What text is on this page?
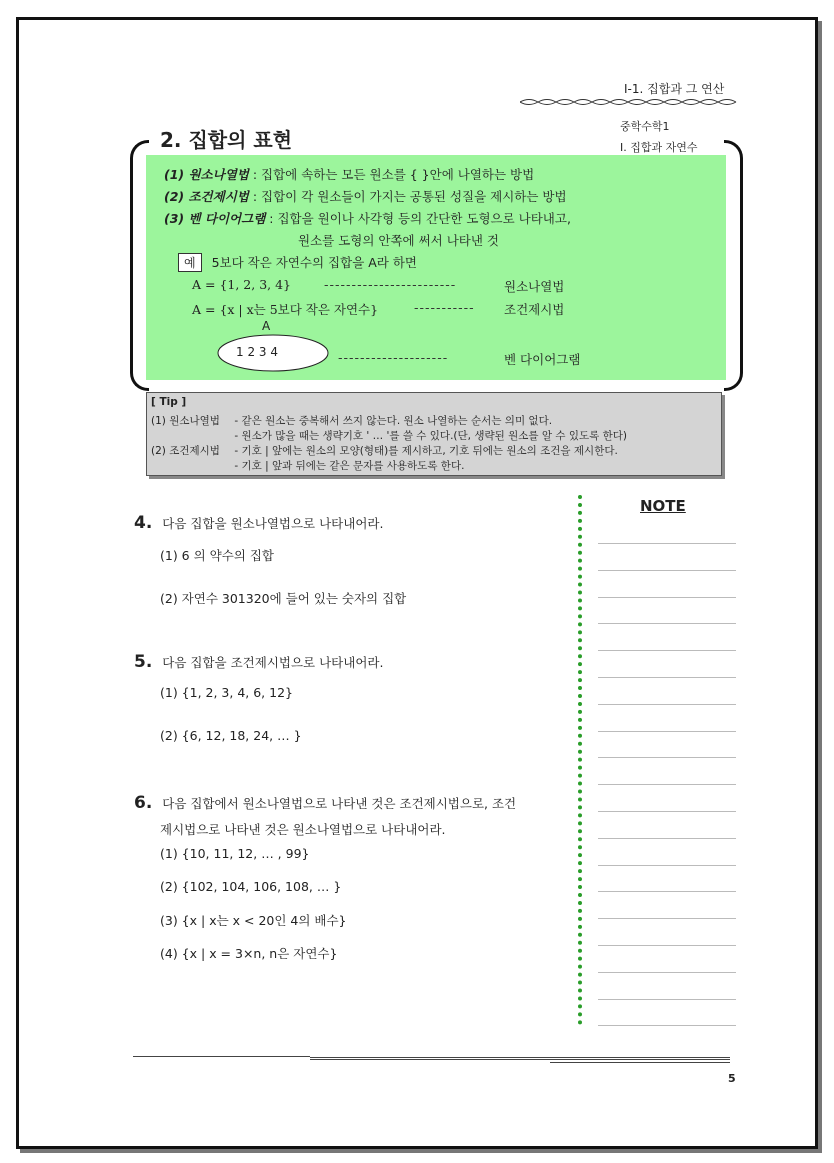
Ⅰ-1. 집합과 그 연산
중학수학1
Ⅰ. 집합과 자연수
2. 집합의 표현
(1) 원소나열법 : 집합에 속하는 모든 원소를 { }안에 나열하는 방법
(2) 조건제시법 : 집합이 각 원소들이 가지는 공통된 성질을 제시하는 방법
(3) 벤 다이어그램 : 집합을 원이나 사각형 등의 간단한 도형으로 나타내고,
원소를 도형의 안쪽에 써서 나타낸 것
예 5보다 작은 자연수의 집합을 A라 하면
A = {1, 2, 3, 4}	------------------------	원소나열법
A = {x | x는 5보다 작은 자연수}	----------- 조건제시법
A
1 2 3 4	--------------------	벤 다이어그램
[ Tip ]
(1) 원소나열법 - 같은 원소는 중복해서 쓰지 않는다. 원소 나열하는 순서는 의미 없다.
- 원소가 많을 때는 생략기호 ' … '를 쓸 수 있다.(단, 생략된 원소를 알 수 있도록 한다)
(2) 조건제시법 - 기호 | 앞에는 원소의 모양(형태)를 제시하고, 기호 뒤에는 원소의 조건을 제시한다.
- 기호 | 앞과 뒤에는 같은 문자를 사용하도록 한다.
4. 다음 집합을 원소나열법으로 나타내어라.
(1) 6 의 약수의 집합
(2) 자연수 301320에 들어 있는 숫자의 집합
5. 다음 집합을 조건제시법으로 나타내어라.
(1) {1, 2, 3, 4, 6, 12}
(2) {6, 12, 18, 24, … }
6. 다음 집합에서 원소나열법으로 나타낸 것은 조건제시법으로, 조건
제시법으로 나타낸 것은 원소나열법으로 나타내어라.
(1) {10, 11, 12, … , 99}
(2) {102, 104, 106, 108, … }
(3) {x | x는 x < 20인 4의 배수}
(4) {x | x = 3×n, n은 자연수}
NOTE
5
